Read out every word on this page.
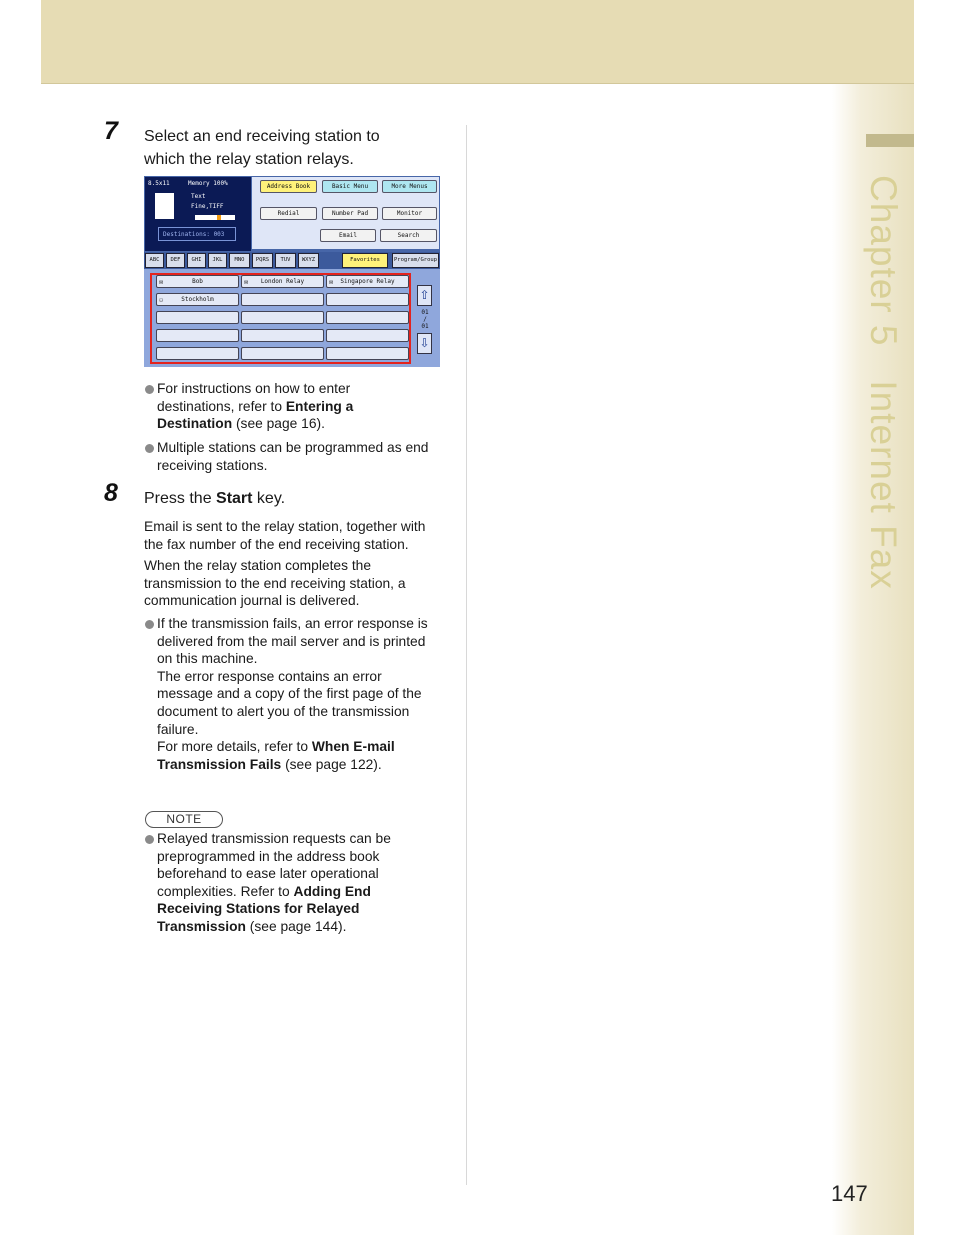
Chapter 5   Internet Fax
7 Select an end receiving station to
which the relay station relays.
8.5x11	Memory 100%
Text
Fine,TIFF
Destinations: 003
Address Book	Basic Menu	More Menus
Redial	Number Pad	Monitor
Email	Search
ABC	DEF	GHI	JKL	MNO	PQRS	TUV	WXYZ	Favorites	Program/Group
✉	Bob	✉ London Relay	✉ Singapore Relay
⚇	Stockholm	⇧
01
/
01
⇩
For instructions on how to enter
destinations, refer to Entering a
Destination (see page 16).
Multiple stations can be programmed as end
receiving stations.
8 Press the Start key.
Email is sent to the relay station, together with
the fax number of the end receiving station.
When the relay station completes the
transmission to the end receiving station, a
communication journal is delivered.
If the transmission fails, an error response is
delivered from the mail server and is printed
on this machine.
The error response contains an error
message and a copy of the first page of the
document to alert you of the transmission
failure.
For more details, refer to When E-mail
Transmission Fails (see page 122).
NOTE
Relayed transmission requests can be
preprogrammed in the address book
beforehand to ease later operational
complexities. Refer to Adding End
Receiving Stations for Relayed
Transmission (see page 144).
147
